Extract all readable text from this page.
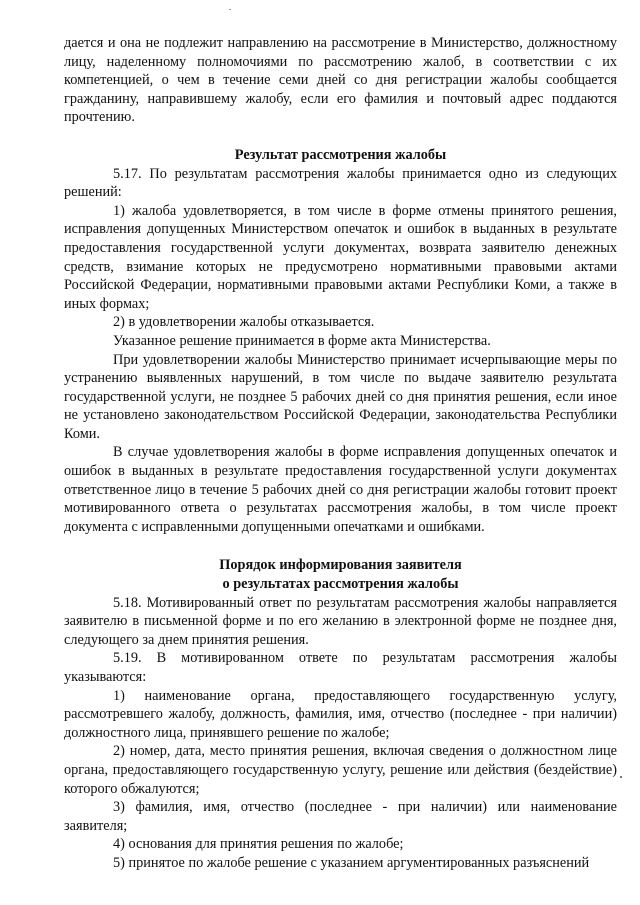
дается и она не подлежит направлению на рассмотрение в Министерство, должностному лицу, наделенному полномочиями по рассмотрению жалоб, в соответствии с их компетенцией, о чем в течение семи дней со дня регистрации жалобы сообщается гражданину, направившему жалобу, если его фамилия и почтовый адрес поддаются прочтению.

Результат рассмотрения жалобы

5.17. По результатам рассмотрения жалобы принимается одно из следующих решений:

1) жалоба удовлетворяется, в том числе в форме отмены принятого решения, исправления допущенных Министерством опечаток и ошибок в выданных в результате предоставления государственной услуги документах, возврата заявителю денежных средств, взимание которых не предусмотрено нормативными правовыми актами Российской Федерации, нормативными правовыми актами Республики Коми, а также в иных формах;

2) в удовлетворении жалобы отказывается.

Указанное решение принимается в форме акта Министерства.

При удовлетворении жалобы Министерство принимает исчерпывающие меры по устранению выявленных нарушений, в том числе по выдаче заявителю результата государственной услуги, не позднее 5 рабочих дней со дня принятия решения, если иное не установлено законодательством Российской Федерации, законодательства Республики Коми.

В случае удовлетворения жалобы в форме исправления допущенных опечаток и ошибок в выданных в результате предоставления государственной услуги документах ответственное лицо в течение 5 рабочих дней со дня регистрации жалобы готовит проект мотивированного ответа о результатах рассмотрения жалобы, в том числе проект документа с исправленными допущенными опечатками и ошибками.

Порядок информирования заявителя
о результатах рассмотрения жалобы

5.18. Мотивированный ответ по результатам рассмотрения жалобы направляется заявителю в письменной форме и по его желанию в электронной форме не позднее дня, следующего за днем принятия решения.

5.19. В мотивированном ответе по результатам рассмотрения жалобы указываются:

1) наименование органа, предоставляющего государственную услугу, рассмотревшего жалобу, должность, фамилия, имя, отчество (последнее - при наличии) должностного лица, принявшего решение по жалобе;

2) номер, дата, место принятия решения, включая сведения о должностном лице органа, предоставляющего государственную услугу, решение или действия (бездействие) которого обжалуются;

3) фамилия, имя, отчество (последнее - при наличии) или наименование заявителя;

4) основания для принятия решения по жалобе;

5) принятое по жалобе решение с указанием аргументированных разъяснений
